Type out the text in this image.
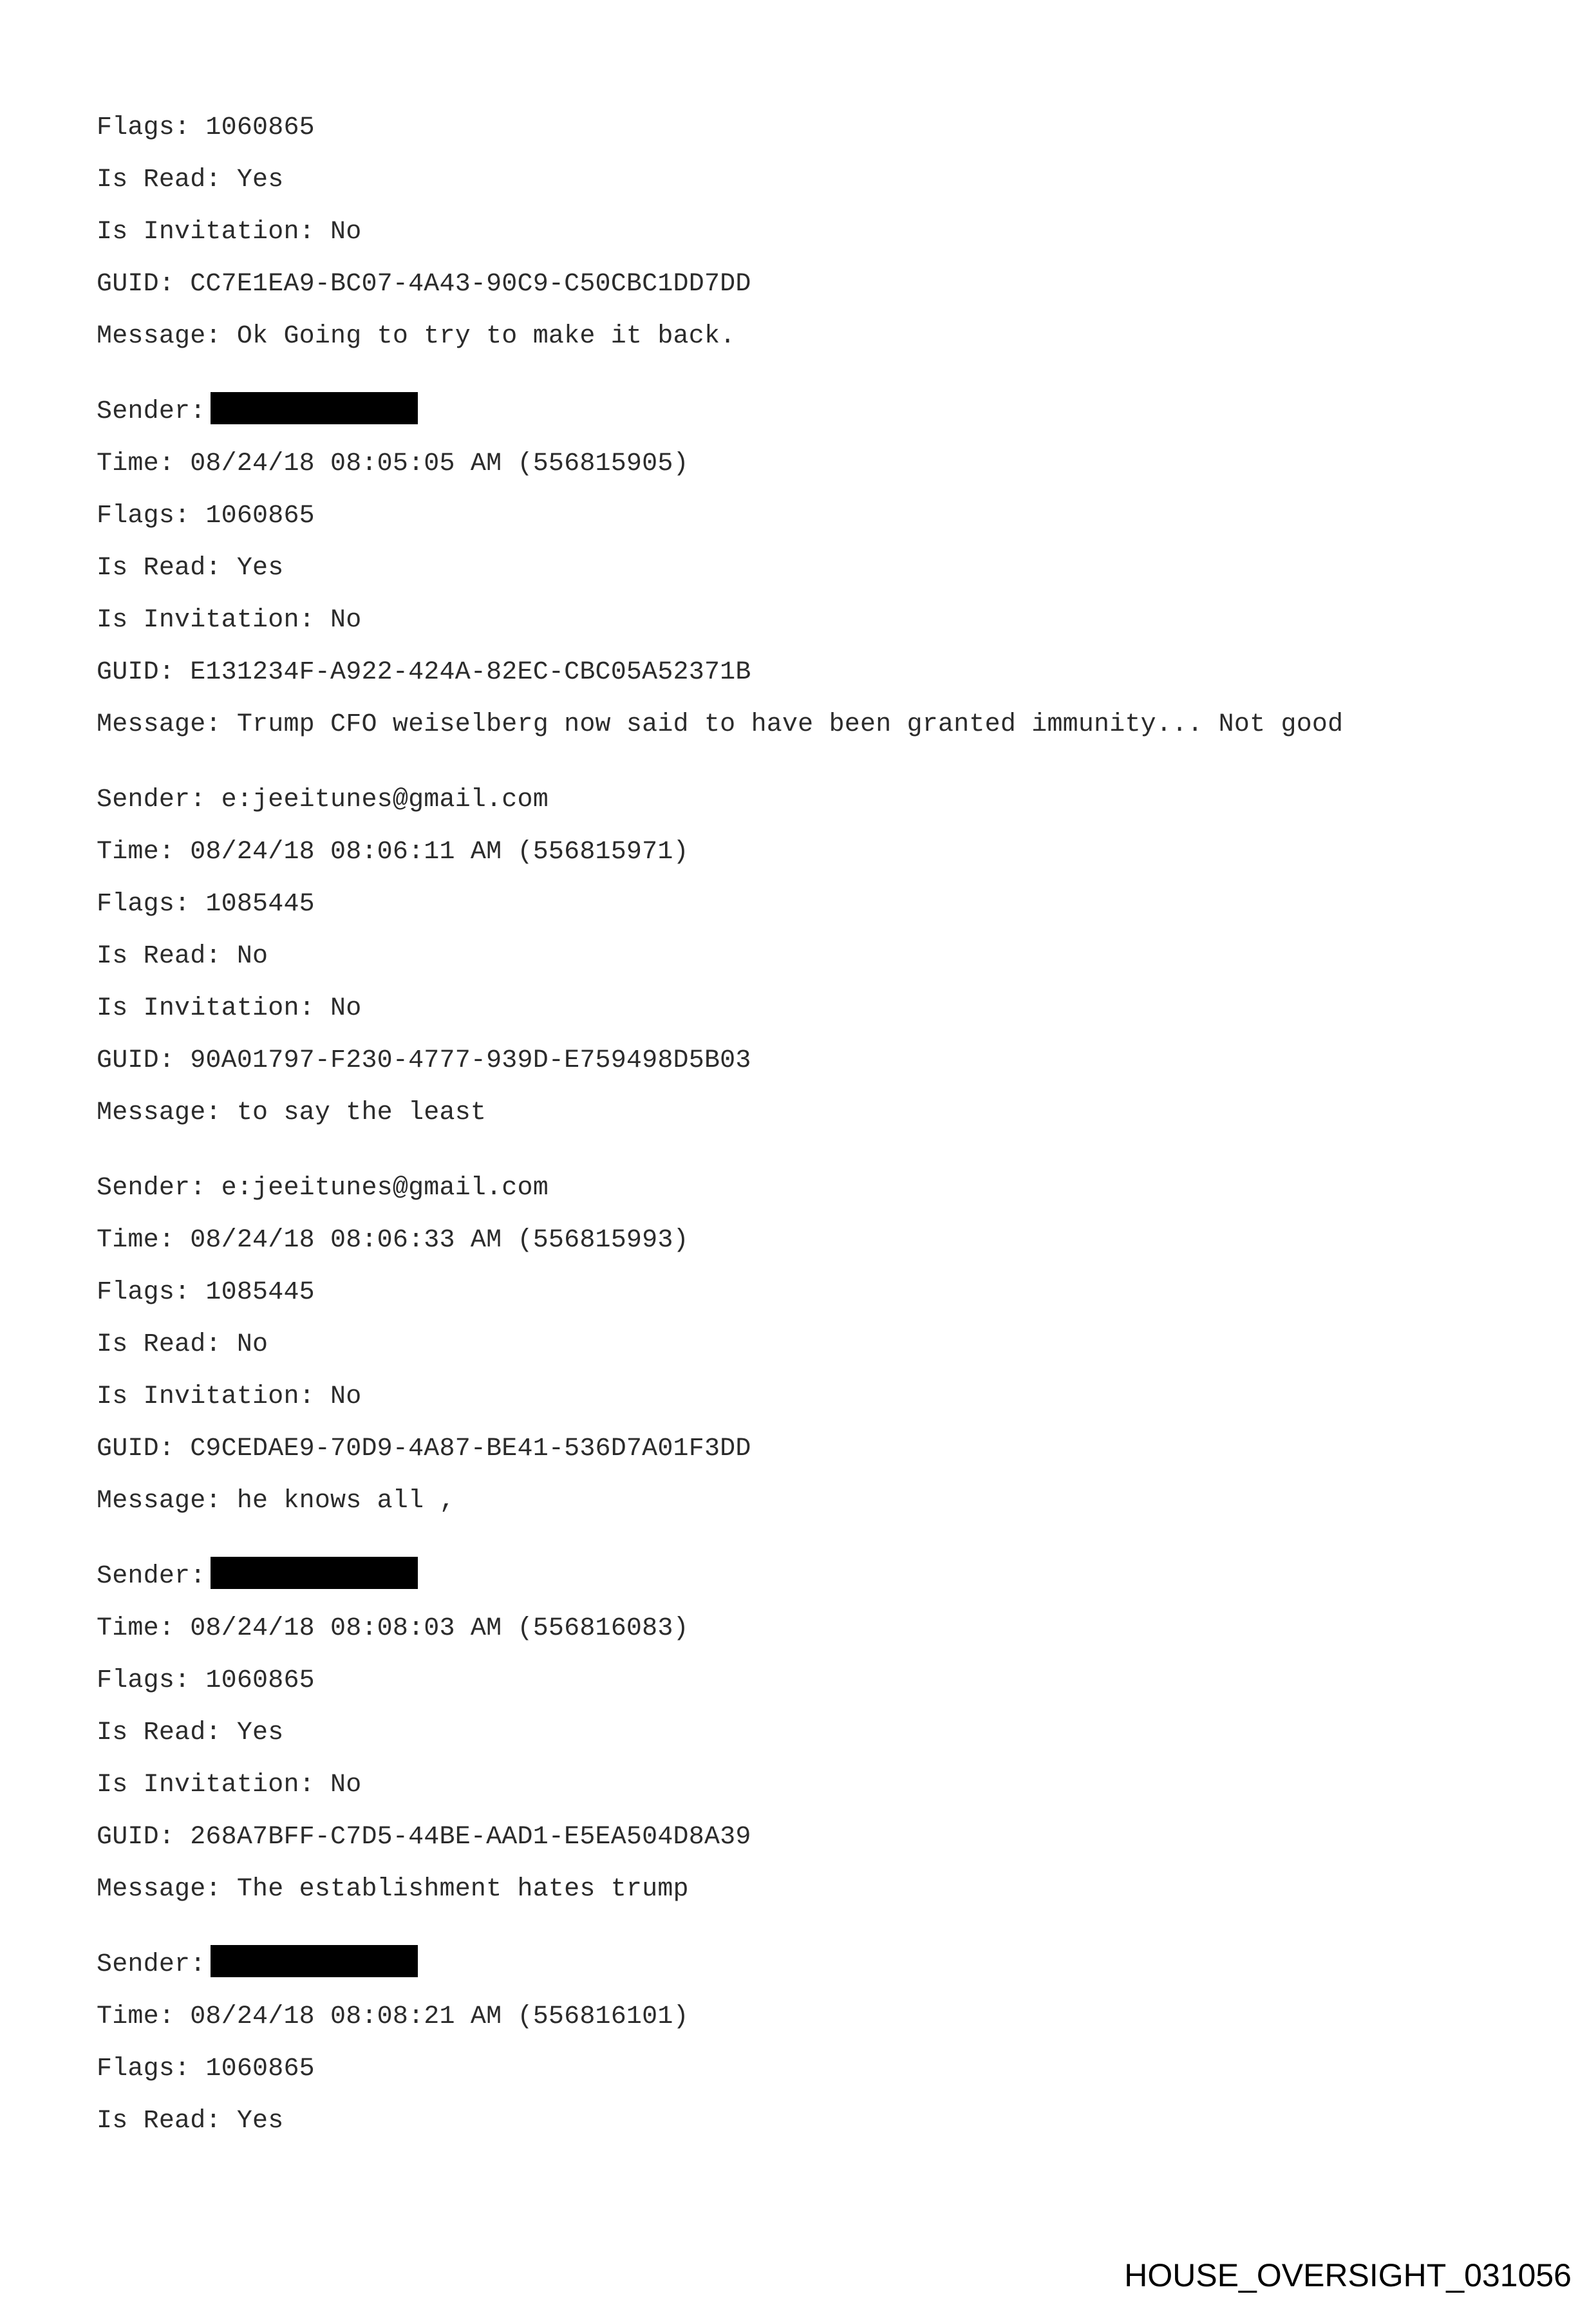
Flags: 1060865
Is Read: Yes
Is Invitation: No
GUID: CC7E1EA9-BC07-4A43-90C9-C50CBC1DD7DD
Message: Ok Going to try to make it back.
Sender:
Time: 08/24/18 08:05:05 AM (556815905)
Flags: 1060865
Is Read: Yes
Is Invitation: No
GUID: E131234F-A922-424A-82EC-CBC05A52371B
Message: Trump CFO weiselberg now said to have been granted immunity... Not good
Sender: e:jeeitunes@gmail.com
Time: 08/24/18 08:06:11 AM (556815971)
Flags: 1085445
Is Read: No
Is Invitation: No
GUID: 90A01797-F230-4777-939D-E759498D5B03
Message: to say the least
Sender: e:jeeitunes@gmail.com
Time: 08/24/18 08:06:33 AM (556815993)
Flags: 1085445
Is Read: No
Is Invitation: No
GUID: C9CEDAE9-70D9-4A87-BE41-536D7A01F3DD
Message: he knows all ,
Sender:
Time: 08/24/18 08:08:03 AM (556816083)
Flags: 1060865
Is Read: Yes
Is Invitation: No
GUID: 268A7BFF-C7D5-44BE-AAD1-E5EA504D8A39
Message: The establishment hates trump
Sender:
Time: 08/24/18 08:08:21 AM (556816101)
Flags: 1060865
Is Read: Yes
HOUSE_OVERSIGHT_031056
